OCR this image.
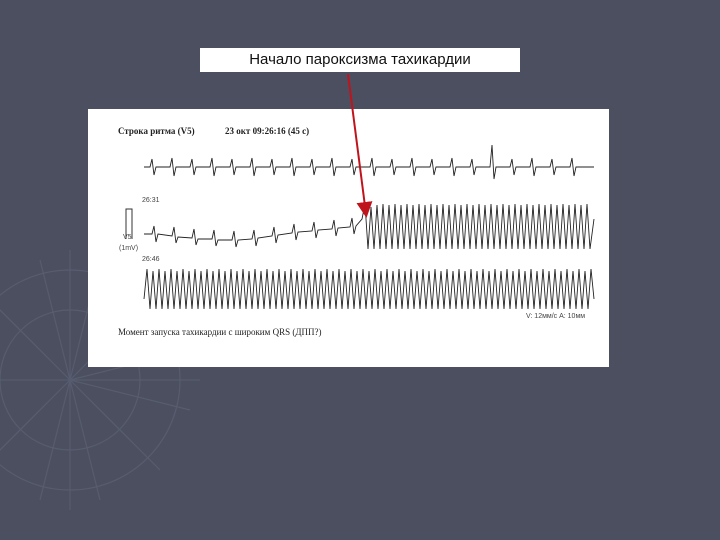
Начало пароксизма тахикардии
Строка ритма (V5)	23 окт 09:26:16 (45 с)
26:31
26:46
V5
(1mV)
V: 12мм/с A: 10мм
Момент запуска тахикардии с широким QRS (ДПП?)
